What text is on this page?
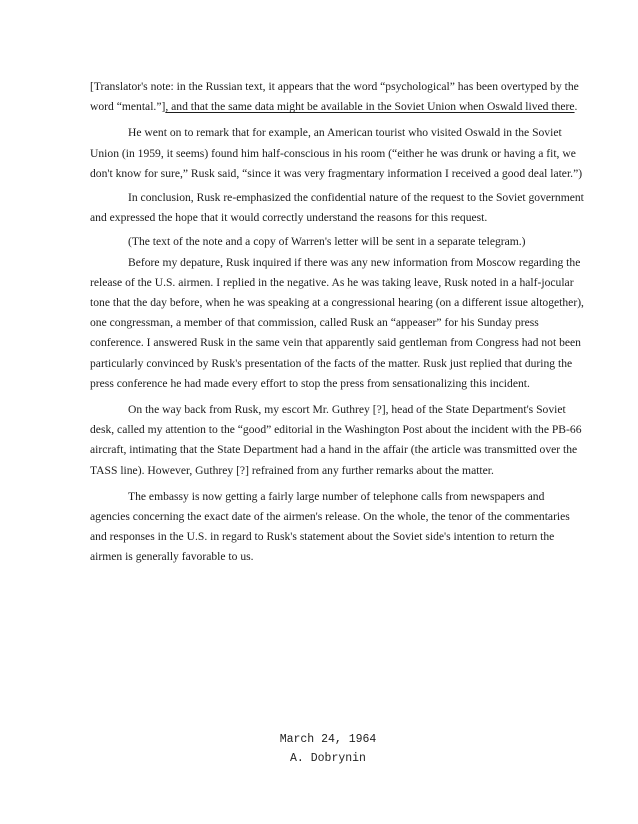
[Translator's note: in the Russian text, it appears that the word “psychological” has been overtyped by the word “mental.”], and that the same data might be available in the Soviet Union when Oswald lived there.

He went on to remark that for example, an American tourist who visited Oswald in the Soviet Union (in 1959, it seems) found him half-conscious in his room (“either he was drunk or having a fit, we don't know for sure,” Rusk said, “since it was very fragmentary information I received a good deal later.”)

In conclusion, Rusk re-emphasized the confidential nature of the request to the Soviet government and expressed the hope that it would correctly understand the reasons for this request.

(The text of the note and a copy of Warren's letter will be sent in a separate telegram.)

Before my depature, Rusk inquired if there was any new information from Moscow regarding the release of the U.S. airmen. I replied in the negative. As he was taking leave, Rusk noted in a half-jocular tone that the day before, when he was speaking at a congressional hearing (on a different issue altogether), one congressman, a member of that commission, called Rusk an “appeaser” for his Sunday press conference. I answered Rusk in the same vein that apparently said gentleman from Congress had not been particularly convinced by Rusk's presentation of the facts of the matter. Rusk just replied that during the press conference he had made every effort to stop the press from sensationalizing this incident.

On the way back from Rusk, my escort Mr. Guthrey [?], head of the State Department's Soviet desk, called my attention to the “good” editorial in the Washington Post about the incident with the PB-66 aircraft, intimating that the State Department had a hand in the affair (the article was transmitted over the TASS line). However, Guthrey [?] refrained from any further remarks about the matter.

The embassy is now getting a fairly large number of telephone calls from newspapers and agencies concerning the exact date of the airmen's release. On the whole, the tenor of the commentaries and responses in the U.S. in regard to Rusk's statement about the Soviet side's intention to return the airmen is generally favorable to us.

March 24, 1964
A. Dobrynin
